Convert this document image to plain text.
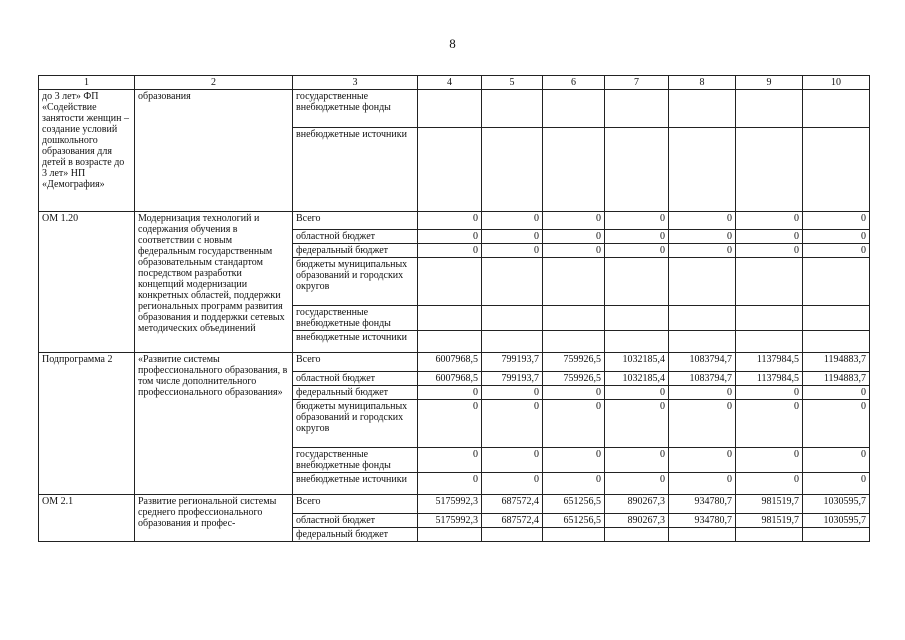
8
1	2	3	4	5	6	7	8	9	10
до 3 лет» ФП «Содействие занятости женщин – создание условий дошкольного образования для детей в возрасте до 3 лет» НП «Демография»	образования	государственные внебюджетные фонды							
		внебюджетные источники							
ОМ 1.20	Модернизация технологий и содержания обучения в соответствии с новым федеральным государственным образовательным стандартом посредством разработки концепций модернизации конкретных областей, поддержки региональных программ развития образования и поддержки сетевых методических объединений	Всего	0	0	0	0	0	0	0
		областной бюджет	0	0	0	0	0	0	0
		федеральный бюджет	0	0	0	0	0	0	0
		бюджеты муниципальных образований и городских округов							
		государственные внебюджетные фонды							
		внебюджетные источники							
Подпрограмма 2	«Развитие системы профессионального образования, в том числе дополнительного профессионального образования»	Всего	6007968,5	799193,7	759926,5	1032185,4	1083794,7	1137984,5	1194883,7
		областной бюджет	6007968,5	799193,7	759926,5	1032185,4	1083794,7	1137984,5	1194883,7
		федеральный бюджет	0	0	0	0	0	0	0
		бюджеты муниципальных образований и городских округов	0	0	0	0	0	0	0
		государственные внебюджетные фонды	0	0	0	0	0	0	0
		внебюджетные источники	0	0	0	0	0	0	0
ОМ 2.1	Развитие региональной системы среднего профессионального образования и профес-	Всего	5175992,3	687572,4	651256,5	890267,3	934780,7	981519,7	1030595,7
		областной бюджет	5175992,3	687572,4	651256,5	890267,3	934780,7	981519,7	1030595,7
		федеральный бюджет							
